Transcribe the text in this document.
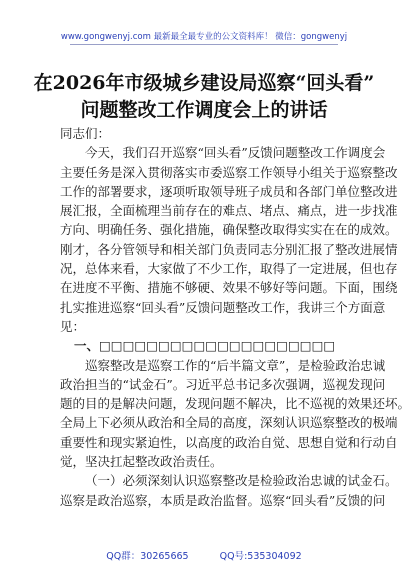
www.gongwenyj.com 最新最全最专业的公文资料库！ 微信：gongwenyj
在2026年市级城乡建设局巡察“回头看”
问题整改工作调度会上的讲话
同志们：
今天，我们召开巡察“回头看”反馈问题整改工作调度会
主要任务是深入贯彻落实市委巡察工作领导小组关于巡察整改
工作的部署要求，逐项听取领导班子成员和各部门单位整改进
展汇报，全面梳理当前存在的难点、堵点、痛点，进一步找准
方向、明确任务、强化措施，确保整改取得实实在在的成效。
刚才，各分管领导和相关部门负责同志分别汇报了整改进展情
况，总体来看，大家做了不少工作，取得了一定进展，但也存
在进度不平衡、措施不够硬、效果不够好等问题。下面，围绕
扎实推进巡察“回头看”反馈问题整改工作，我讲三个方面意
见：
一、□□□□□□□□□□□□□□□□□□□□
巡察整改是巡察工作的“后半篇文章”，是检验政治忠诚
政治担当的“试金石”。习近平总书记多次强调，巡视发现问
题的目的是解决问题，发现问题不解决，比不巡视的效果还坏。
全局上下必须从政治和全局的高度，深刻认识巡察整改的极端
重要性和现实紧迫性，以高度的政治自觉、思想自觉和行动自
觉，坚决扛起整改政治责任。
（一）必须深刻认识巡察整改是检验政治忠诚的试金石。
巡察是政治巡察，本质是政治监督。巡察“回头看”反馈的问
QQ群：30265665	QQ号:535304092
